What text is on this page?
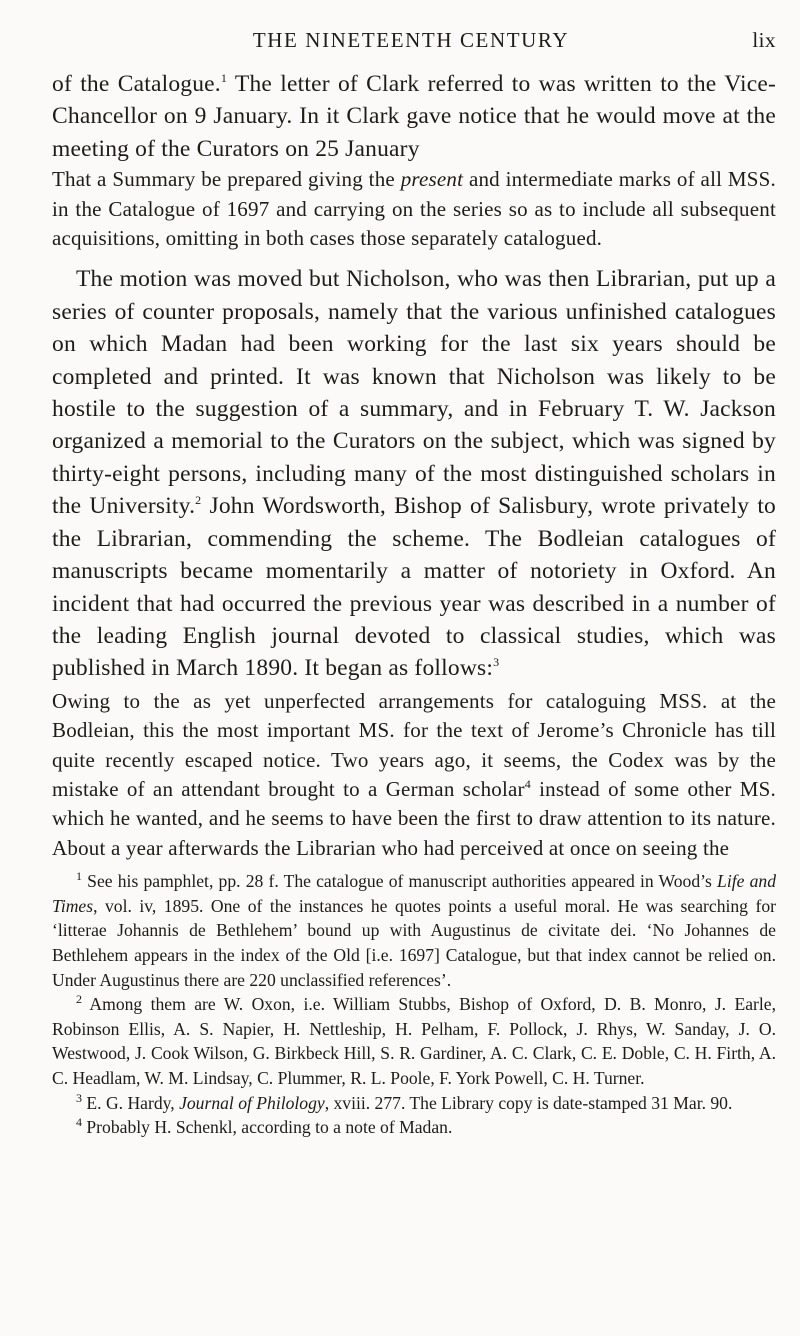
THE NINETEENTH CENTURY	lix

of the Catalogue.$^1$ The letter of Clark referred to was written to the Vice-Chancellor on 9 January. In it Clark gave notice that he would move at the meeting of the Curators on 25 January

That a Summary be prepared giving the present and intermediate marks of all MSS. in the Catalogue of 1697 and carrying on the series so as to include all subsequent acquisitions, omitting in both cases those separately catalogued.

The motion was moved but Nicholson, who was then Librarian, put up a series of counter proposals, namely that the various unfinished catalogues on which Madan had been working for the last six years should be completed and printed. It was known that Nicholson was likely to be hostile to the suggestion of a summary, and in February T. W. Jackson organized a memorial to the Curators on the subject, which was signed by thirty-eight persons, including many of the most distinguished scholars in the University.$^2$ John Wordsworth, Bishop of Salisbury, wrote privately to the Librarian, commending the scheme. The Bodleian catalogues of manuscripts became momentarily a matter of notoriety in Oxford. An incident that had occurred the previous year was described in a number of the leading English journal devoted to classical studies, which was published in March 1890. It began as follows:$^3$

Owing to the as yet unperfected arrangements for cataloguing MSS. at the Bodleian, this the most important MS. for the text of Jerome’s Chronicle has till quite recently escaped notice. Two years ago, it seems, the Codex was by the mistake of an attendant brought to a German scholar$^4$ instead of some other MS. which he wanted, and he seems to have been the first to draw attention to its nature. About a year afterwards the Librarian who had perceived at once on seeing the

$^1$ See his pamphlet, pp. 28 f. The catalogue of manuscript authorities appeared in Wood’s Life and Times, vol. iv, 1895. One of the instances he quotes points a useful moral. He was searching for ‘litterae Johannis de Bethlehem’ bound up with Augustinus de civitate dei. ‘No Johannes de Bethlehem appears in the index of the Old [i.e. 1697] Catalogue, but that index cannot be relied on. Under Augustinus there are 220 unclassified references’.

$^2$ Among them are W. Oxon, i.e. William Stubbs, Bishop of Oxford, D. B. Monro, J. Earle, Robinson Ellis, A. S. Napier, H. Nettleship, H. Pelham, F. Pollock, J. Rhys, W. Sanday, J. O. Westwood, J. Cook Wilson, G. Birkbeck Hill, S. R. Gardiner, A. C. Clark, C. E. Doble, C. H. Firth, A. C. Headlam, W. M. Lindsay, C. Plummer, R. L. Poole, F. York Powell, C. H. Turner.

$^3$ E. G. Hardy, Journal of Philology, xviii. 277. The Library copy is date-stamped 31 Mar. 90.

$^4$ Probably H. Schenkl, according to a note of Madan.
